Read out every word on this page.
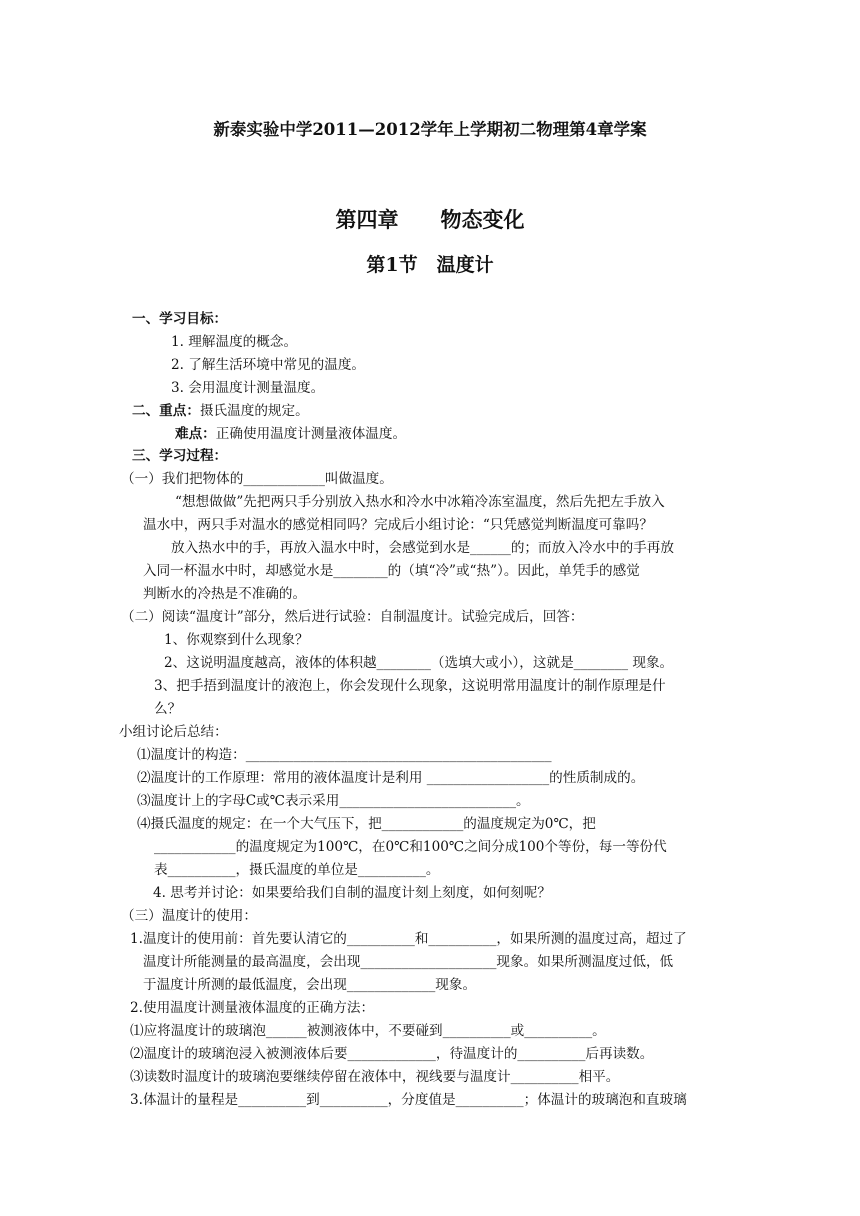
新泰实验中学2011—2012学年上学期初二物理第4章学案
第四章　　物态变化
第1节　温度计
一、学习目标：
1. 理解温度的概念。
2. 了解生活环境中常见的温度。
3. 会用温度计测量温度。
二、重点：摄氏温度的规定。
难点：正确使用温度计测量液体温度。
三、学习过程：
（一）我们把物体的____________叫做温度。
“想想做做”先把两只手分别放入热水和冷水中冰箱冷冻室温度，然后先把左手放入
温水中，两只手对温水的感觉相同吗？完成后小组讨论：“只凭感觉判断温度可靠吗？
放入热水中的手，再放入温水中时，会感觉到水是______的；而放入冷水中的手再放
入同一杯温水中时，却感觉水是________的（填“冷”或“热”）。因此，单凭手的感觉
判断水的冷热是不准确的。
（二）阅读“温度计”部分，然后进行试验：自制温度计。试验完成后，回答：
1、你观察到什么现象？
2、这说明温度越高，液体的体积越________（选填大或小），这就是________ 现象。
3、把手捂到温度计的液泡上，你会发现什么现象，这说明常用温度计的制作原理是什
么？
小组讨论后总结：
⑴温度计的构造：_____________________________________________
⑵温度计的工作原理：常用的液体温度计是利用 __________________的性质制成的。
⑶温度计上的字母C或℃表示采用__________________________。
⑷摄氏温度的规定：在一个大气压下，把____________的温度规定为0℃，把
____________的温度规定为100℃，在0℃和100℃之间分成100个等份，每一等份代
表__________，摄氏温度的单位是__________。
4. 思考并讨论：如果要给我们自制的温度计刻上刻度，如何刻呢？
（三）温度计的使用：
1.温度计的使用前：首先要认清它的__________和__________，如果所测的温度过高，超过了
温度计所能测量的最高温度，会出现____________________现象。如果所测温度过低，低
于温度计所测的最低温度，会出现_____________现象。
2.使用温度计测量液体温度的正确方法：
⑴应将温度计的玻璃泡______被测液体中，不要碰到__________或__________。
⑵温度计的玻璃泡浸入被测液体后要_____________，待温度计的__________后再读数。
⑶读数时温度计的玻璃泡要继续停留在液体中，视线要与温度计__________相平。
3.体温计的量程是__________到__________，分度值是__________；体温计的玻璃泡和直玻璃
